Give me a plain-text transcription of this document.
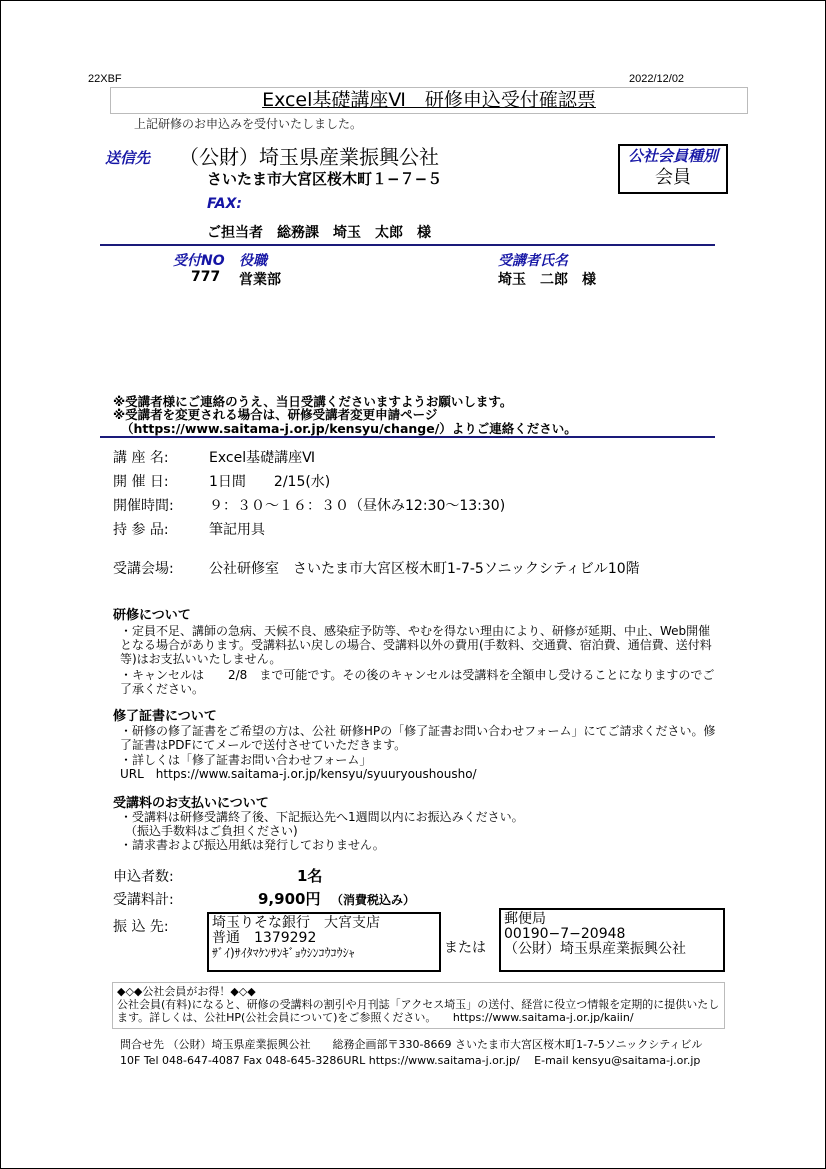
22XBF	2022/12/02
Excel基礎講座Ⅵ　研修申込受付確認票
上記研修のお申込みを受付いたしました。
送信先 （公財）埼玉県産業振興公社
さいたま市大宮区桜木町１−７−５
FAX:
ご担当者　総務課　埼玉　太郎　様
公社会員種別
会員
受付NO 役職
777 営業部
受講者氏名
埼玉　二郎　様
※受講者様にご連絡のうえ、当日受講くださいますようお願いします。
※受講者を変更される場合は、研修受講者変更申請ページ
（https://www.saitama-j.or.jp/kensyu/change/）よりご連絡ください。
講 座 名:	Excel基礎講座Ⅵ
開 催 日:	1日間　　2/15(水)
開催時間:	９：３０〜１６：３０（昼休み12:30〜13:30)
持 参 品:	筆記用具
受講会場:	公社研修室　さいたま市大宮区桜木町1-7-5ソニックシティビル10階
研修について
・定員不足、講師の急病、天候不良、感染症予防等、やむを得ない理由により、研修が延期、中止、Web開催となる場合があります。受講料払い戻しの場合、受講料以外の費用(手数料、交通費、宿泊費、通信費、送付料等)はお支払いいたしません。
・キャンセルは　　2/8　まで可能です。その後のキャンセルは受講料を全額申し受けることになりますのでご了承ください。
修了証書について
・研修の修了証書をご希望の方は、公社 研修HPの「修了証書お問い合わせフォーム」にてご請求ください。修了証書はPDFにてメールで送付させていただきます。
・詳しくは「修了証書お問い合わせフォーム」
URL　https://www.saitama-j.or.jp/kensyu/syuuryoushousho/
受講料のお支払いについて
・受講料は研修受講終了後、下記振込先へ1週間以内にお振込みください。
（振込手数料はご負担ください)
・請求書および振込用紙は発行しておりません。
申込者数:	1名
受講料計:	9,900円 （消費税込み）
振 込 先:	埼玉りそな銀行　大宮支店
普通　1379292
ｻﾞｲ)ｻｲﾀﾏｹﾝｻﾝｷﾞｮｳｼﾝｺｳｺｳｼｬ	または
郵便局
00190−7−20948
（公財）埼玉県産業振興公社
◆◇◆公社会員がお得！◆◇◆
公社会員(有料)になると、研修の受講料の割引や月刊誌「アクセス埼玉」の送付、経営に役立つ情報を定期的に提供いたします。詳しくは、公社HP(公社会員について)をご参照ください。　　https://www.saitama-j.or.jp/kaiin/
問合せ先 （公財）埼玉県産業振興公社　　総務企画部〒330-8669 さいたま市大宮区桜木町1-7-5ソニックシティビル10F Tel 048-647-4087 Fax 048-645-3286URL https://www.saitama-j.or.jp/　 E-mail kensyu@saitama-j.or.jp
